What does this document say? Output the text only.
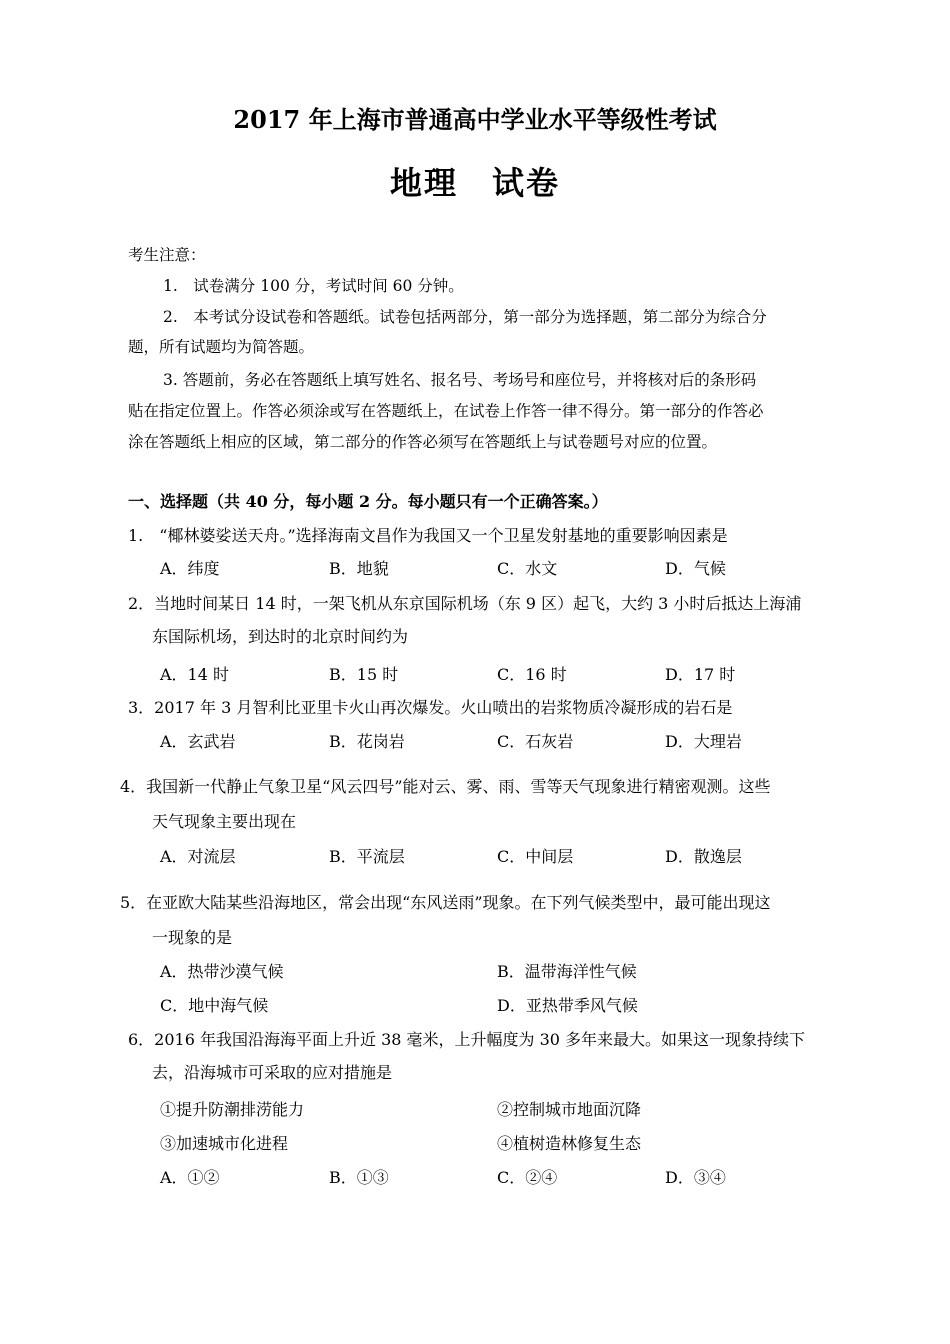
2017 年上海市普通高中学业水平等级性考试
地理　试卷
考生注意：
1.　试卷满分 100 分，考试时间 60 分钟。
2.　本考试分设试卷和答题纸。试卷包括两部分，第一部分为选择题，第二部分为综合分
题，所有试题均为简答题。
3. 答题前，务必在答题纸上填写姓名、报名号、考场号和座位号，并将核对后的条形码
贴在指定位置上。作答必须涂或写在答题纸上，在试卷上作答一律不得分。第一部分的作答必
涂在答题纸上相应的区域，第二部分的作答必须写在答题纸上与试卷题号对应的位置。
一、选择题（共 40 分，每小题 2 分。每小题只有一个正确答案。）
1.　“椰林婆娑送天舟。”选择海南文昌作为我国又一个卫星发射基地的重要影响因素是
A．纬度	B．地貌	C．水文	D．气候
2．当地时间某日 14 时，一架飞机从东京国际机场（东 9 区）起飞，大约 3 小时后抵达上海浦
东国际机场，到达时的北京时间约为
A．14 时	B．15 时	C．16 时	D．17 时
3．2017 年 3 月智利比亚里卡火山再次爆发。火山喷出的岩浆物质冷凝形成的岩石是
A．玄武岩	B．花岗岩	C．石灰岩	D．大理岩
4．我国新一代静止气象卫星“风云四号”能对云、雾、雨、雪等天气现象进行精密观测。这些
天气现象主要出现在
A．对流层	B．平流层	C．中间层	D．散逸层
5．在亚欧大陆某些沿海地区，常会出现“东风送雨”现象。在下列气候类型中，最可能出现这
一现象的是
A．热带沙漠气候	B．温带海洋性气候
C．地中海气候	D．亚热带季风气候
6．2016 年我国沿海海平面上升近 38 毫米，上升幅度为 30 多年来最大。如果这一现象持续下
去，沿海城市可采取的应对措施是
①提升防潮排涝能力	②控制城市地面沉降
③加速城市化进程	④植树造林修复生态
A．①②	B．①③	C．②④	D．③④
